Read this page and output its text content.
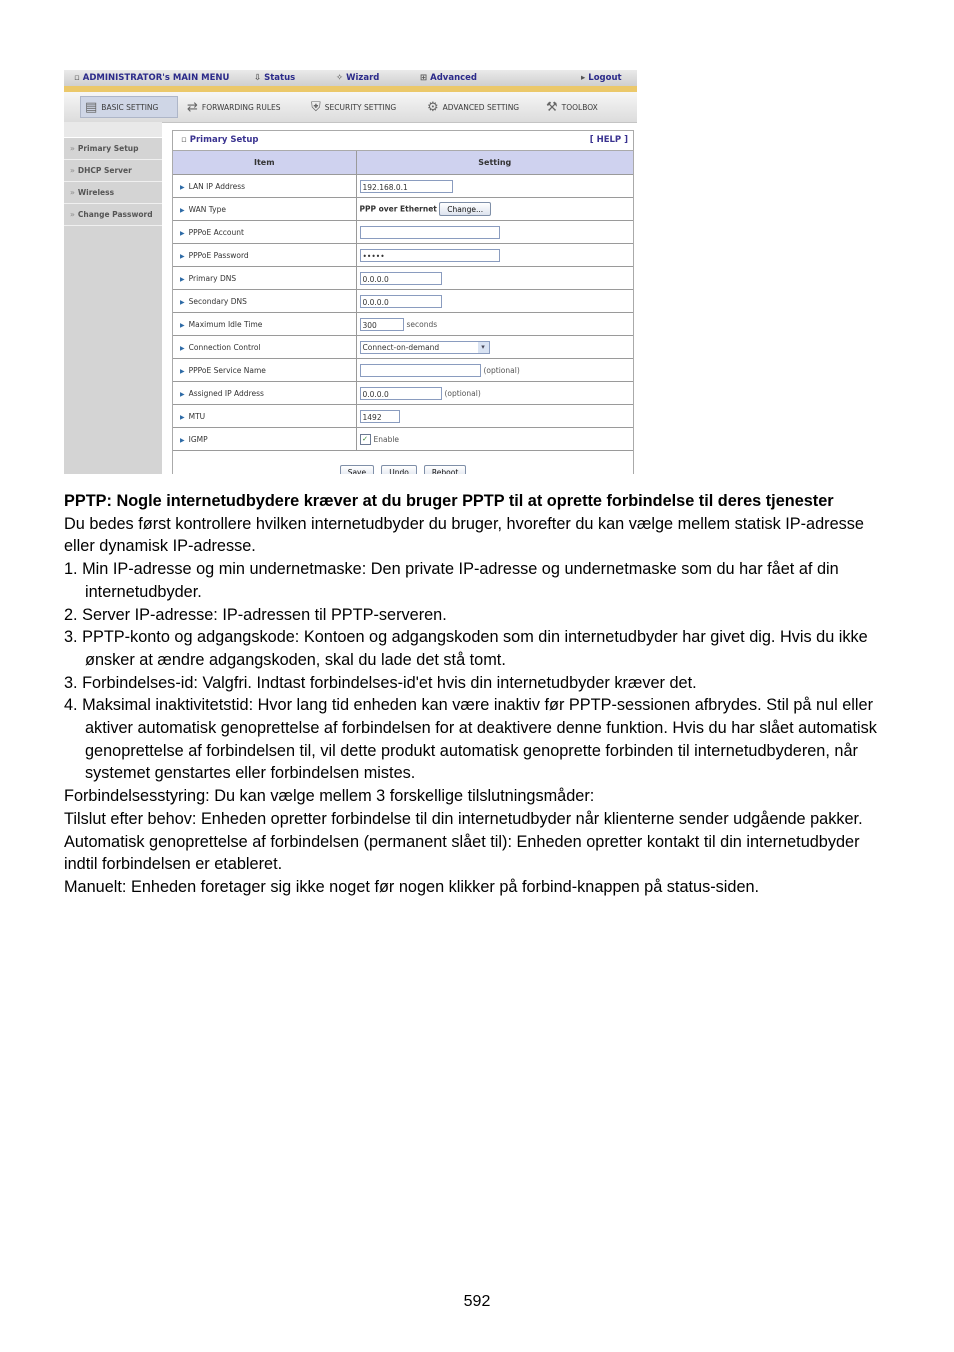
▫ ADMINISTRATOR's MAIN MENU	⇩ Status	✧ Wizard	⊞ Advanced	▸ Logout
▤ BASIC SETTING ⇄ FORWARDING RULES ⛨ SECURITY SETTING ⚙ ADVANCED SETTING ⚒ TOOLBOX
» Primary Setup
» DHCP Server
» Wireless
» Change Password
▫ Primary Setup	[ HELP ]
Item	Setting
▶ LAN IP Address	192.168.0.1
▶ WAN Type	PPP over Ethernet Change...
▶ PPPoE Account	
▶ PPPoE Password	•••••
▶ Primary DNS	0.0.0.0
▶ Secondary DNS	0.0.0.0
▶ Maximum Idle Time	300 seconds
▶ Connection Control	Connect-on-demand ▾

▶ PPPoE Service Name	(optional)
▶ Assigned IP Address	0.0.0.0 (optional)
▶ MTU	1492
▶ IGMP	✓ Enable
Save	Undo	Reboot

PPTP: Nogle internetudbydere kræver at du bruger PPTP til at oprette forbindelse til deres tjenester

Du bedes først kontrollere hvilken internetudbyder du bruger, hvorefter du kan vælge mellem statisk IP-adresse eller dynamisk IP-adresse.

1. Min IP-adresse og min undernetmaske: Den private IP-adresse og undernetmaske som du har fået af din internetudbyder.

2. Server IP-adresse: IP-adressen til PPTP-serveren.

3. PPTP-konto og adgangskode: Kontoen og adgangskoden som din internetudbyder har givet dig. Hvis du ikke ønsker at ændre adgangskoden, skal du lade det stå tomt.

3. Forbindelses-id: Valgfri. Indtast forbindelses-id'et hvis din internetudbyder kræver det.

4. Maksimal inaktivitetstid: Hvor lang tid enheden kan være inaktiv før PPTP-sessionen afbrydes. Stil på nul eller aktiver automatisk genoprettelse af forbindelsen for at deaktivere denne funktion. Hvis du har slået automatisk genoprettelse af forbindelsen til, vil dette produkt automatisk genoprette forbinden til internetudbyderen, når systemet genstartes eller forbindelsen mistes.

Forbindelsesstyring: Du kan vælge mellem 3 forskellige tilslutningsmåder:

Tilslut efter behov: Enheden opretter forbindelse til din internetudbyder når klienterne sender udgående pakker.

Automatisk genoprettelse af forbindelsen (permanent slået til): Enheden opretter kontakt til din internetudbyder indtil forbindelsen er etableret.

Manuelt: Enheden foretager sig ikke noget før nogen klikker på forbind-knappen på status-siden.

592
